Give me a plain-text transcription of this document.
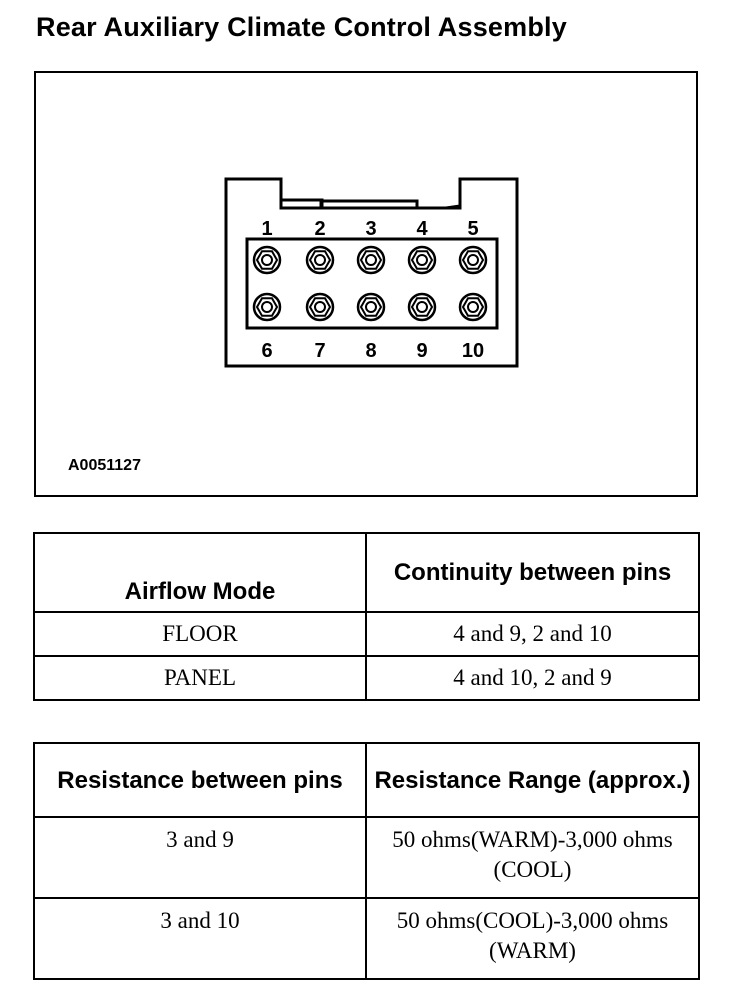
Rear Auxiliary Climate Control Assembly
1 2 3 4 5
6 7 8 9 10
A0051127
Airflow Mode	Continuity between pins
FLOOR	4 and 9, 2 and 10
PANEL	4 and 10, 2 and 9
Resistance between pins	Resistance Range (approx.)
3 and 9	50 ohms(WARM)-3,000 ohms (COOL)
3 and 10	50 ohms(COOL)-3,000 ohms (WARM)
